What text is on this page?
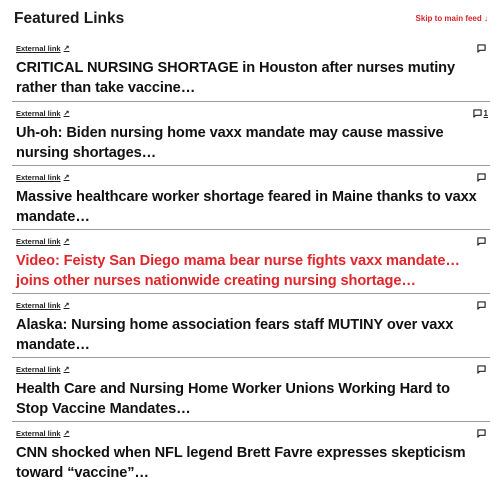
Featured Links	Skip to main feed ↓
External link ↗
CRITICAL NURSING SHORTAGE in Houston after nurses mutiny rather than take vaccine…
External link ↗	1
Uh-oh: Biden nursing home vaxx mandate may cause massive nursing shortages…
External link ↗
Massive healthcare worker shortage feared in Maine thanks to vaxx mandate…
External link ↗
Video: Feisty San Diego mama bear nurse fights vaxx mandate… joins other nurses nationwide creating nursing shortage…
External link ↗
Alaska: Nursing home association fears staff MUTINY over vaxx mandate…
External link ↗
Health Care and Nursing Home Worker Unions Working Hard to Stop Vaccine Mandates…
External link ↗
CNN shocked when NFL legend Brett Favre expresses skepticism toward “vaccine”…
